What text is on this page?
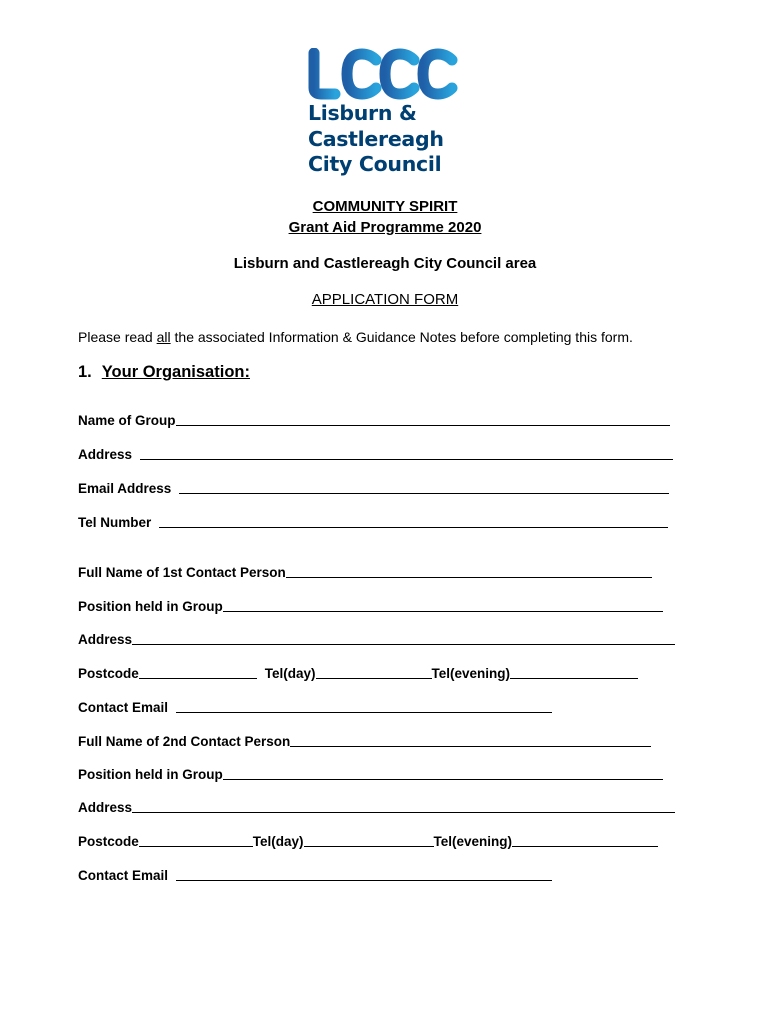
Lisburn &
Castlereagh
City Council
COMMUNITY SPIRIT
Grant Aid Programme 2020
Lisburn and Castlereagh City Council area
APPLICATION FORM
Please read all the associated Information & Guidance Notes before completing this form.
1. Your Organisation:
Name of Group
Address
Email Address
Tel Number
Full Name of 1st Contact Person
Position held in Group
Address
Postcode	Tel(day)	Tel(evening)
Contact Email
Full Name of 2nd Contact Person
Position held in Group
Address
Postcode	Tel(day)	Tel(evening)
Contact Email
